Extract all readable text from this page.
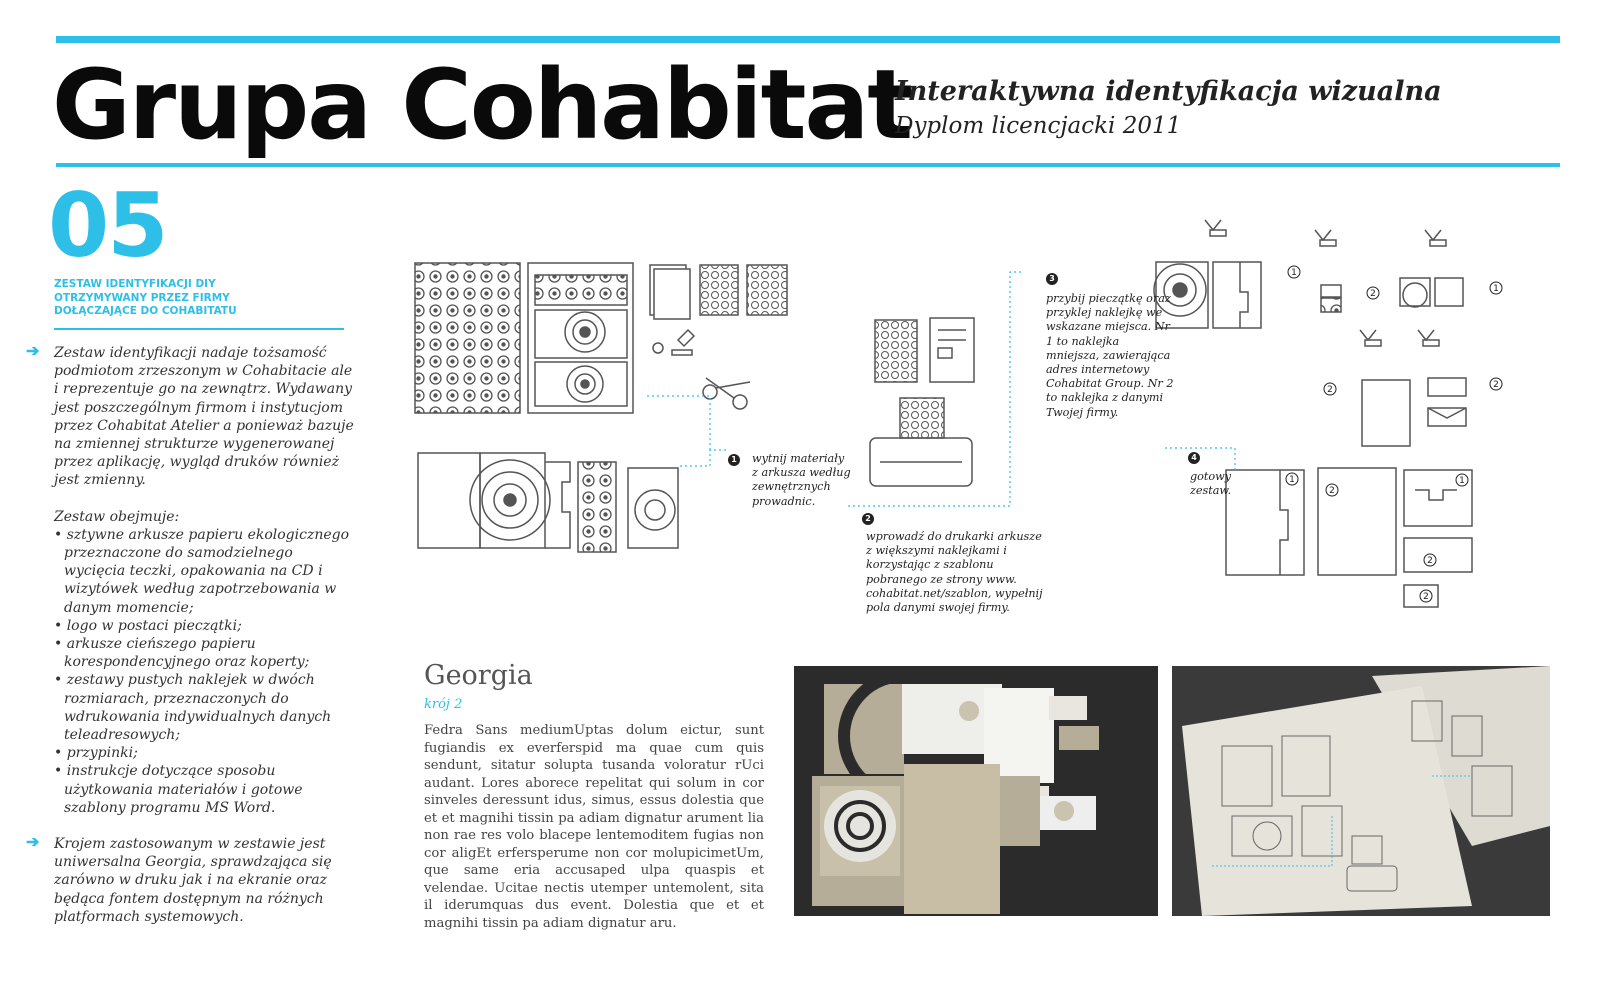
Grupa Cohabitat
Interaktywna identyfikacja wizualna
Dyplom licencjacki 2011
05
ZESTAW IDENTYFIKACJI DIY OTRZYMYWANY PRZEZ FIRMY DOŁĄCZAJĄCE DO COHABITATU

➔ Zestaw identyfikacji nadaje tożsamość podmiotom zrzeszonym w Cohabitacie ale i reprezentuje go na zewnątrz. Wydawany jest poszczególnym firmom i instytucjom przez Cohabitat Atelier a ponieważ bazuje na zmiennej strukturze wygenerowanej przez aplikację, wygląd druków również jest zmienny.

Zestaw obejmuje:

• sztywne arkusze papieru ekologicznego przeznaczone do samodzielnego wycięcia teczki, opakowania na CD i wizytówek według zapotrzebowania w danym momencie;

• logo w postaci pieczątki;

• arkusze cieńszego papieru korespondencyjnego oraz koperty;

• zestawy pustych naklejek w dwóch rozmiarach, przeznaczonych do wdrukowania indywidualnych danych teleadresowych;

• przypinki;

• instrukcje dotyczące sposobu użytkowania materiałów i gotowe szablony programu MS Word.

➔ Krojem zastosowanym w zestawie jest uniwersalna Georgia, sprawdzająca się zarówno w druku jak i na ekranie oraz będąca fontem dostępnym na różnych platformach systemowych.

1
2	1
2	2
1
2
1
2
2
1 wytnij materiały z arkusza według zewnętrznych prowadnic.
2
wprowadź do drukarki arkusze z większymi naklejkami i korzystając z szablonu pobranego ze strony www. cohabitat.net/szablon, wypełnij pola danymi swojej firmy.
3
przybij pieczątkę oraz przyklej naklejkę we wskazane miejsca. Nr 1 to naklejka mniejsza, zawierająca adres internetowy Cohabitat Group. Nr 2 to naklejka z danymi Twojej firmy.
4
gotowy zestaw.
Georgia
krój 2
Fedra Sans mediumUptas dolum eictur, sunt fugiandis ex everferspid ma quae cum quis sendunt, sitatur solupta tusanda voloratur rUci audant. Lores aborece repelitat qui solum in cor sinveles deressunt idus, simus, essus dolestia que et et magnihi tissin pa adiam dignatur arument lia non rae res volo blacepe lentemoditem fugias non cor aligEt erfersperume non cor molupicimetUm, que same eria accusaped ulpa quaspis et velendae. Ucitae nectis utemper untemolent, sita il iderumquas dus event. Dolestia que et et magnihi tissin pa adiam dignatur aru.
